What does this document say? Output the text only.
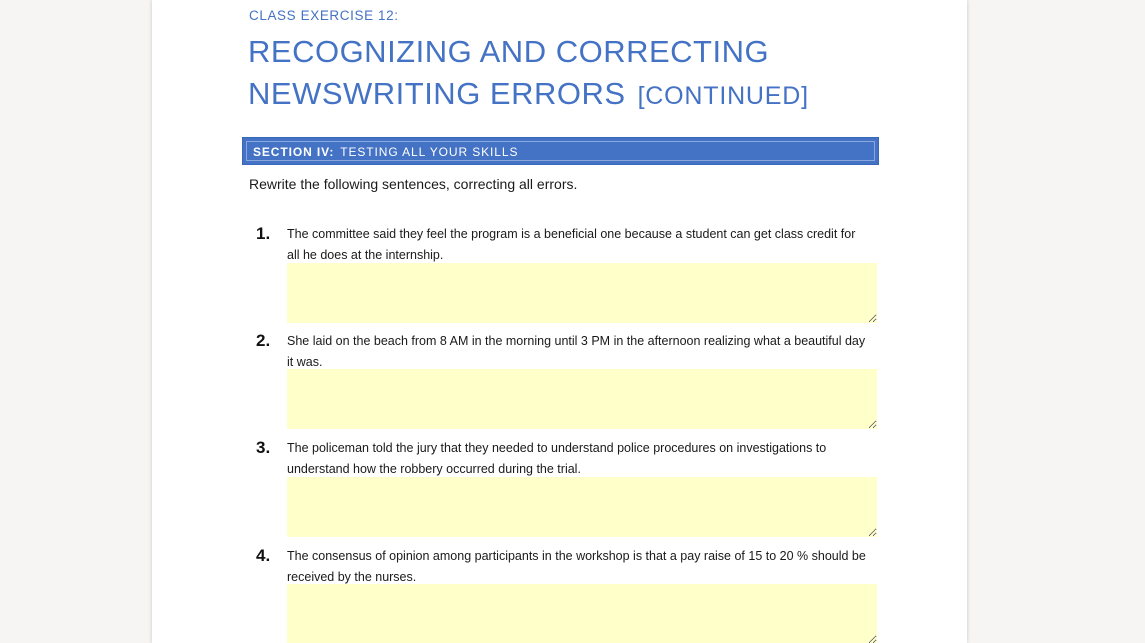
CLASS EXERCISE 12:
RECOGNIZING AND CORRECTING
NEWSWRITING ERRORS [CONTINUED]
SECTION IV: TESTING ALL YOUR SKILLS
Rewrite the following sentences, correcting all errors.
1. The committee said they feel the program is a beneficial one because a student can get class credit for all he does at the internship.
2. She laid on the beach from 8 AM in the morning until 3 PM in the afternoon realizing what a beautiful day it was.
3. The policeman told the jury that they needed to understand police procedures on investigations to understand how the robbery occurred during the trial.
4. The consensus of opinion among participants in the workshop is that a pay raise of 15 to 20 % should be received by the nurses.
